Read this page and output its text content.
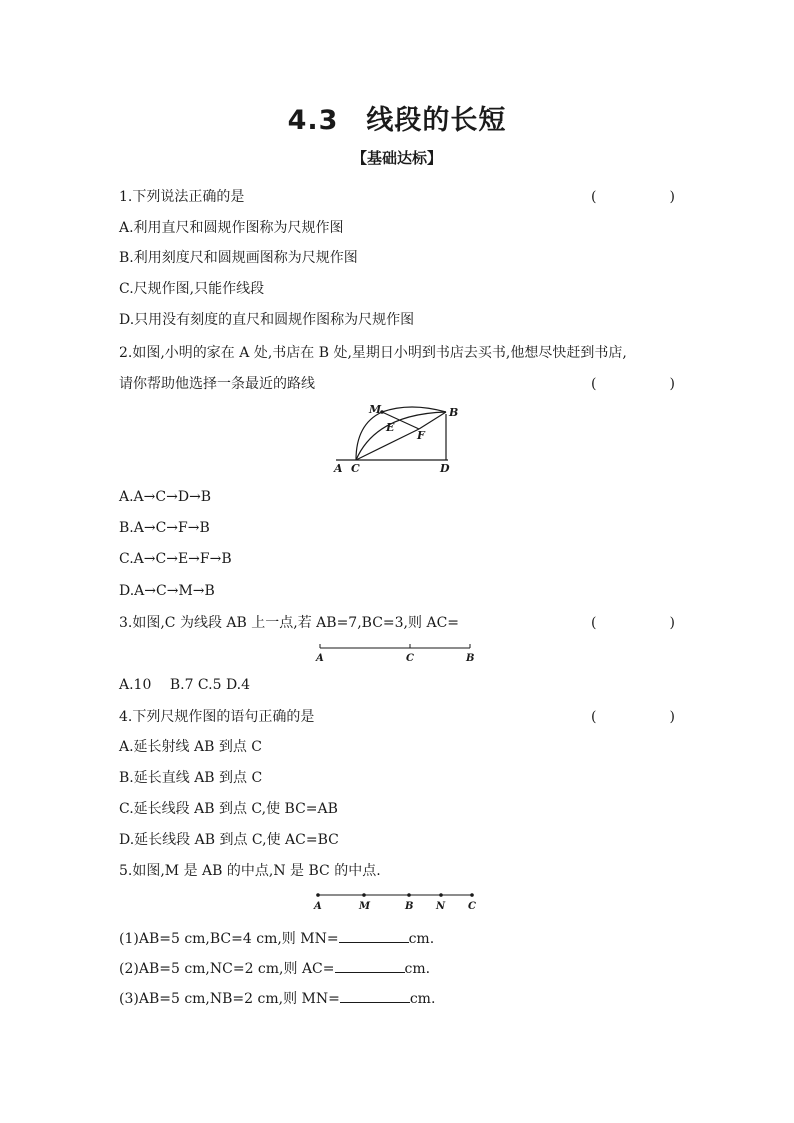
4.3　线段的长短
【基础达标】
1.下列说法正确的是	(	)
A.利用直尺和圆规作图称为尺规作图
B.利用刻度尺和圆规画图称为尺规作图
C.尺规作图,只能作线段
D.只用没有刻度的直尺和圆规作图称为尺规作图
2.如图,小明的家在 A 处,书店在 B 处,星期日小明到书店去买书,他想尽快赶到书店,
请你帮助他选择一条最近的路线	(	)
M	B
E
F
A C	D
A.A→C→D→B
B.A→C→F→B
C.A→C→E→F→B
D.A→C→M→B
3.如图,C 为线段 AB 上一点,若 AB=7,BC=3,则 AC=	(	)
A	C	B
A.10　 B.7 C.5 D.4
4.下列尺规作图的语句正确的是	(	)
A.延长射线 AB 到点 C
B.延长直线 AB 到点 C
C.延长线段 AB 到点 C,使 BC=AB
D.延长线段 AB 到点 C,使 AC=BC
5.如图,M 是 AB 的中点,N 是 BC 的中点.
A	M	B N C
(1)AB=5 cm,BC=4 cm,则 MN=	cm.
(2)AB=5 cm,NC=2 cm,则 AC=	cm.
(3)AB=5 cm,NB=2 cm,则 MN=	cm.
